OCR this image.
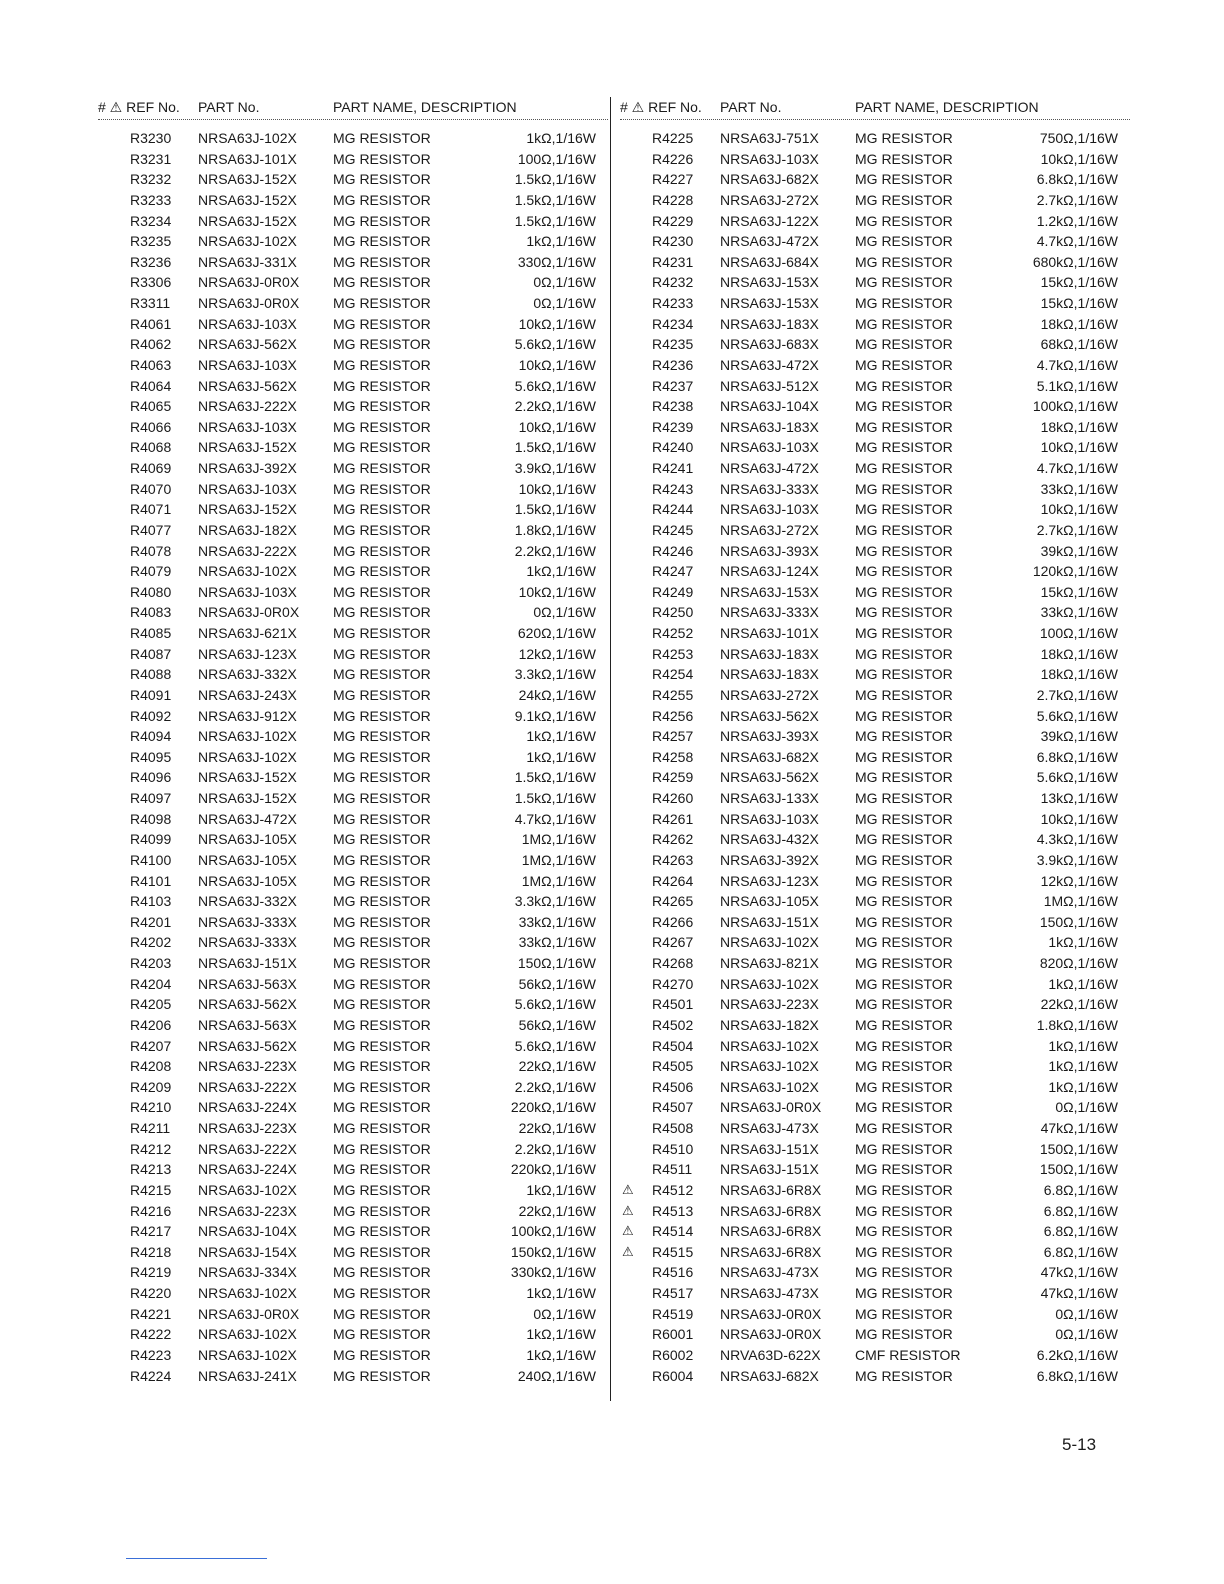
# ⚠ REF No. PART No.	PART NAME, DESCRIPTION
R3230 NRSA63J-102X	MG RESISTOR	1kΩ,1/16W
R3231 NRSA63J-101X	MG RESISTOR	100Ω,1/16W
R3232 NRSA63J-152X	MG RESISTOR	1.5kΩ,1/16W
R3233 NRSA63J-152X	MG RESISTOR	1.5kΩ,1/16W
R3234 NRSA63J-152X	MG RESISTOR	1.5kΩ,1/16W
R3235 NRSA63J-102X	MG RESISTOR	1kΩ,1/16W
R3236 NRSA63J-331X	MG RESISTOR	330Ω,1/16W
R3306 NRSA63J-0R0X MG RESISTOR	0Ω,1/16W
R3311 NRSA63J-0R0X MG RESISTOR	0Ω,1/16W
R4061 NRSA63J-103X	MG RESISTOR	10kΩ,1/16W
R4062 NRSA63J-562X	MG RESISTOR	5.6kΩ,1/16W
R4063 NRSA63J-103X	MG RESISTOR	10kΩ,1/16W
R4064 NRSA63J-562X	MG RESISTOR	5.6kΩ,1/16W
R4065 NRSA63J-222X	MG RESISTOR	2.2kΩ,1/16W
R4066 NRSA63J-103X	MG RESISTOR	10kΩ,1/16W
R4068 NRSA63J-152X	MG RESISTOR	1.5kΩ,1/16W
R4069 NRSA63J-392X	MG RESISTOR	3.9kΩ,1/16W
R4070 NRSA63J-103X	MG RESISTOR	10kΩ,1/16W
R4071 NRSA63J-152X	MG RESISTOR	1.5kΩ,1/16W
R4077 NRSA63J-182X	MG RESISTOR	1.8kΩ,1/16W
R4078 NRSA63J-222X	MG RESISTOR	2.2kΩ,1/16W
R4079 NRSA63J-102X	MG RESISTOR	1kΩ,1/16W
R4080 NRSA63J-103X	MG RESISTOR	10kΩ,1/16W
R4083 NRSA63J-0R0X MG RESISTOR	0Ω,1/16W
R4085 NRSA63J-621X	MG RESISTOR	620Ω,1/16W
R4087 NRSA63J-123X	MG RESISTOR	12kΩ,1/16W
R4088 NRSA63J-332X	MG RESISTOR	3.3kΩ,1/16W
R4091 NRSA63J-243X	MG RESISTOR	24kΩ,1/16W
R4092 NRSA63J-912X	MG RESISTOR	9.1kΩ,1/16W
R4094 NRSA63J-102X	MG RESISTOR	1kΩ,1/16W
R4095 NRSA63J-102X	MG RESISTOR	1kΩ,1/16W
R4096 NRSA63J-152X	MG RESISTOR	1.5kΩ,1/16W
R4097 NRSA63J-152X	MG RESISTOR	1.5kΩ,1/16W
R4098 NRSA63J-472X	MG RESISTOR	4.7kΩ,1/16W
R4099 NRSA63J-105X	MG RESISTOR	1MΩ,1/16W
R4100 NRSA63J-105X	MG RESISTOR	1MΩ,1/16W
R4101 NRSA63J-105X	MG RESISTOR	1MΩ,1/16W
R4103 NRSA63J-332X	MG RESISTOR	3.3kΩ,1/16W
R4201 NRSA63J-333X	MG RESISTOR	33kΩ,1/16W
R4202 NRSA63J-333X	MG RESISTOR	33kΩ,1/16W
R4203 NRSA63J-151X	MG RESISTOR	150Ω,1/16W
R4204 NRSA63J-563X	MG RESISTOR	56kΩ,1/16W
R4205 NRSA63J-562X	MG RESISTOR	5.6kΩ,1/16W
R4206 NRSA63J-563X	MG RESISTOR	56kΩ,1/16W
R4207 NRSA63J-562X	MG RESISTOR	5.6kΩ,1/16W
R4208 NRSA63J-223X	MG RESISTOR	22kΩ,1/16W
R4209 NRSA63J-222X	MG RESISTOR	2.2kΩ,1/16W
R4210 NRSA63J-224X	MG RESISTOR	220kΩ,1/16W
R4211 NRSA63J-223X	MG RESISTOR	22kΩ,1/16W
R4212 NRSA63J-222X	MG RESISTOR	2.2kΩ,1/16W
R4213 NRSA63J-224X	MG RESISTOR	220kΩ,1/16W
R4215 NRSA63J-102X	MG RESISTOR	1kΩ,1/16W
R4216 NRSA63J-223X	MG RESISTOR	22kΩ,1/16W
R4217 NRSA63J-104X	MG RESISTOR	100kΩ,1/16W
R4218 NRSA63J-154X	MG RESISTOR	150kΩ,1/16W
R4219 NRSA63J-334X	MG RESISTOR	330kΩ,1/16W
R4220 NRSA63J-102X	MG RESISTOR	1kΩ,1/16W
R4221 NRSA63J-0R0X MG RESISTOR	0Ω,1/16W
R4222 NRSA63J-102X	MG RESISTOR	1kΩ,1/16W
R4223 NRSA63J-102X	MG RESISTOR	1kΩ,1/16W
R4224 NRSA63J-241X	MG RESISTOR	240Ω,1/16W
# ⚠ REF No. PART No.	PART NAME, DESCRIPTION
R4225 NRSA63J-751X	MG RESISTOR	750Ω,1/16W
R4226 NRSA63J-103X	MG RESISTOR	10kΩ,1/16W
R4227 NRSA63J-682X	MG RESISTOR	6.8kΩ,1/16W
R4228 NRSA63J-272X	MG RESISTOR	2.7kΩ,1/16W
R4229 NRSA63J-122X	MG RESISTOR	1.2kΩ,1/16W
R4230 NRSA63J-472X	MG RESISTOR	4.7kΩ,1/16W
R4231 NRSA63J-684X	MG RESISTOR	680kΩ,1/16W
R4232 NRSA63J-153X	MG RESISTOR	15kΩ,1/16W
R4233 NRSA63J-153X	MG RESISTOR	15kΩ,1/16W
R4234 NRSA63J-183X	MG RESISTOR	18kΩ,1/16W
R4235 NRSA63J-683X	MG RESISTOR	68kΩ,1/16W
R4236 NRSA63J-472X	MG RESISTOR	4.7kΩ,1/16W
R4237 NRSA63J-512X	MG RESISTOR	5.1kΩ,1/16W
R4238 NRSA63J-104X	MG RESISTOR	100kΩ,1/16W
R4239 NRSA63J-183X	MG RESISTOR	18kΩ,1/16W
R4240 NRSA63J-103X	MG RESISTOR	10kΩ,1/16W
R4241 NRSA63J-472X	MG RESISTOR	4.7kΩ,1/16W
R4243 NRSA63J-333X	MG RESISTOR	33kΩ,1/16W
R4244 NRSA63J-103X	MG RESISTOR	10kΩ,1/16W
R4245 NRSA63J-272X	MG RESISTOR	2.7kΩ,1/16W
R4246 NRSA63J-393X	MG RESISTOR	39kΩ,1/16W
R4247 NRSA63J-124X	MG RESISTOR	120kΩ,1/16W
R4249 NRSA63J-153X	MG RESISTOR	15kΩ,1/16W
R4250 NRSA63J-333X	MG RESISTOR	33kΩ,1/16W
R4252 NRSA63J-101X	MG RESISTOR	100Ω,1/16W
R4253 NRSA63J-183X	MG RESISTOR	18kΩ,1/16W
R4254 NRSA63J-183X	MG RESISTOR	18kΩ,1/16W
R4255 NRSA63J-272X	MG RESISTOR	2.7kΩ,1/16W
R4256 NRSA63J-562X	MG RESISTOR	5.6kΩ,1/16W
R4257 NRSA63J-393X	MG RESISTOR	39kΩ,1/16W
R4258 NRSA63J-682X	MG RESISTOR	6.8kΩ,1/16W
R4259 NRSA63J-562X	MG RESISTOR	5.6kΩ,1/16W
R4260 NRSA63J-133X	MG RESISTOR	13kΩ,1/16W
R4261 NRSA63J-103X	MG RESISTOR	10kΩ,1/16W
R4262 NRSA63J-432X	MG RESISTOR	4.3kΩ,1/16W
R4263 NRSA63J-392X	MG RESISTOR	3.9kΩ,1/16W
R4264 NRSA63J-123X	MG RESISTOR	12kΩ,1/16W
R4265 NRSA63J-105X	MG RESISTOR	1MΩ,1/16W
R4266 NRSA63J-151X	MG RESISTOR	150Ω,1/16W
R4267 NRSA63J-102X	MG RESISTOR	1kΩ,1/16W
R4268 NRSA63J-821X	MG RESISTOR	820Ω,1/16W
R4270 NRSA63J-102X	MG RESISTOR	1kΩ,1/16W
R4501 NRSA63J-223X	MG RESISTOR	22kΩ,1/16W
R4502 NRSA63J-182X	MG RESISTOR	1.8kΩ,1/16W
R4504 NRSA63J-102X	MG RESISTOR	1kΩ,1/16W
R4505 NRSA63J-102X	MG RESISTOR	1kΩ,1/16W
R4506 NRSA63J-102X	MG RESISTOR	1kΩ,1/16W
R4507 NRSA63J-0R0X MG RESISTOR	0Ω,1/16W
R4508 NRSA63J-473X	MG RESISTOR	47kΩ,1/16W
R4510 NRSA63J-151X	MG RESISTOR	150Ω,1/16W
R4511 NRSA63J-151X	MG RESISTOR	150Ω,1/16W
⚠ R4512 NRSA63J-6R8X MG RESISTOR	6.8Ω,1/16W
⚠ R4513 NRSA63J-6R8X MG RESISTOR	6.8Ω,1/16W
⚠ R4514 NRSA63J-6R8X MG RESISTOR	6.8Ω,1/16W
⚠ R4515 NRSA63J-6R8X MG RESISTOR	6.8Ω,1/16W
R4516 NRSA63J-473X	MG RESISTOR	47kΩ,1/16W
R4517 NRSA63J-473X	MG RESISTOR	47kΩ,1/16W
R4519 NRSA63J-0R0X MG RESISTOR	0Ω,1/16W
R6001 NRSA63J-0R0X MG RESISTOR	0Ω,1/16W
R6002 NRVA63D-622X CMF RESISTOR	6.2kΩ,1/16W
R6004 NRSA63J-682X	MG RESISTOR	6.8kΩ,1/16W
5-13
